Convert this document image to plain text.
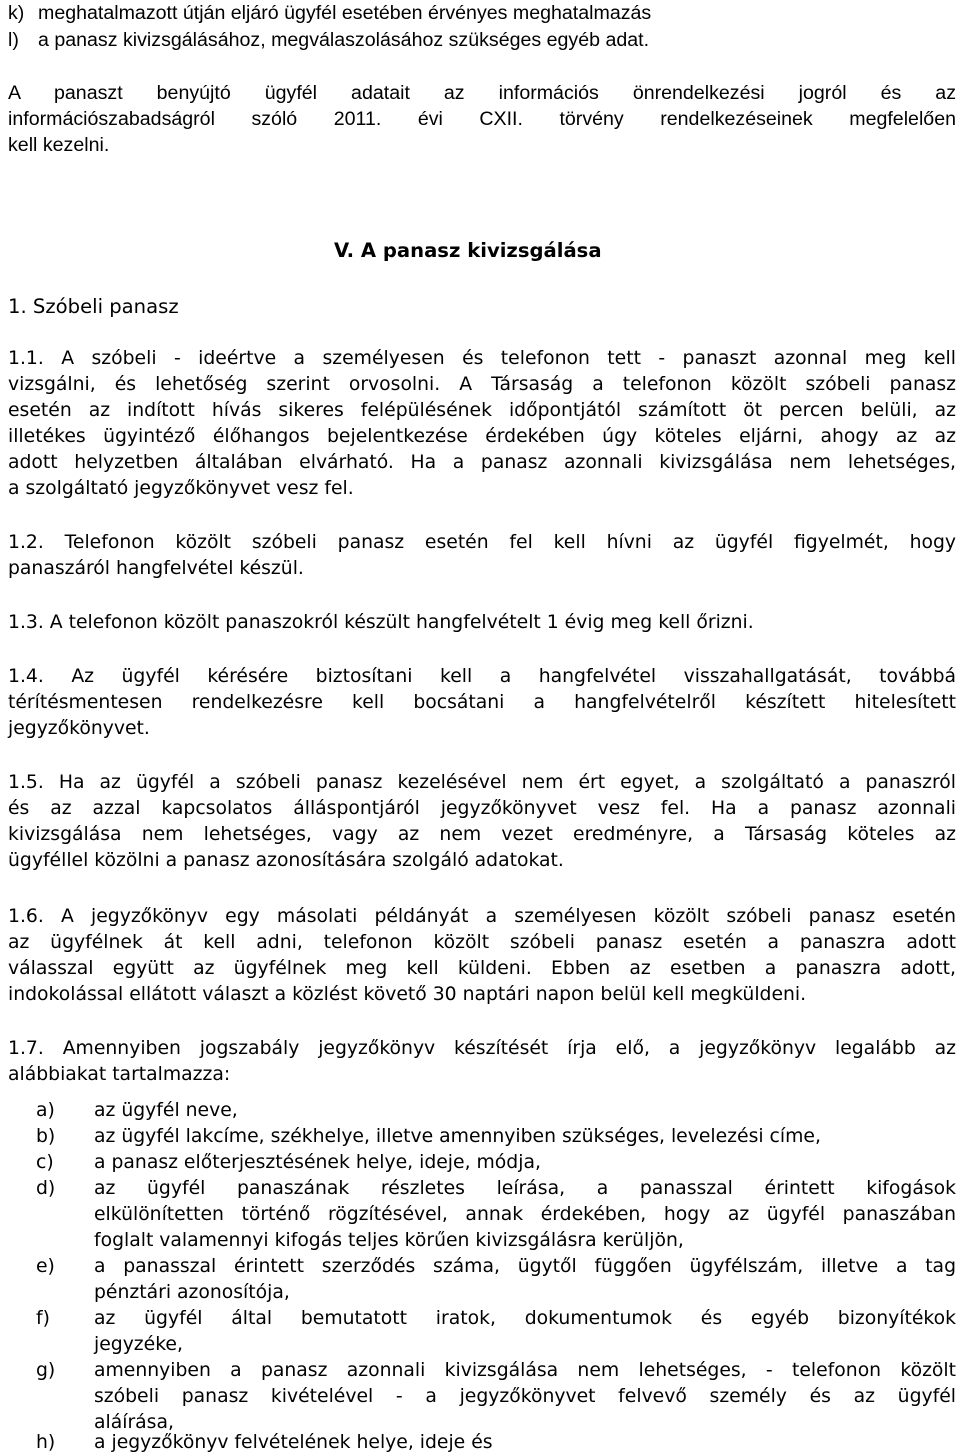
k) meghatalmazott útján eljáró ügyfél esetében érvényes meghatalmazás
l) a panasz kivizsgálásához, megválaszolásához szükséges egyéb adat.
A panaszt benyújtó ügyfél adatait az információs önrendelkezési jogról és az
információszabadságról szóló 2011. évi CXII. törvény rendelkezéseinek megfelelően
kell kezelni.
V. A panasz kivizsgálása
1. Szóbeli panasz
1.1. A szóbeli - ideértve a személyesen és telefonon tett - panaszt azonnal meg kell
vizsgálni, és lehetőség szerint orvosolni. A Társaság a telefonon közölt szóbeli panasz
esetén az indított hívás sikeres felépülésének időpontjától számított öt percen belüli, az
illetékes ügyintéző élőhangos bejelentkezése érdekében úgy köteles eljárni, ahogy az az
adott helyzetben általában elvárható. Ha a panasz azonnali kivizsgálása nem lehetséges,
a szolgáltató jegyzőkönyvet vesz fel.
1.2. Telefonon közölt szóbeli panasz esetén fel kell hívni az ügyfél figyelmét, hogy
panaszáról hangfelvétel készül.
1.3. A telefonon közölt panaszokról készült hangfelvételt 1 évig meg kell őrizni.
1.4. Az ügyfél kérésére biztosítani kell a hangfelvétel visszahallgatását, továbbá
térítésmentesen rendelkezésre kell bocsátani a hangfelvételről készített hitelesített
jegyzőkönyvet.
1.5. Ha az ügyfél a szóbeli panasz kezelésével nem ért egyet, a szolgáltató a panaszról
és az azzal kapcsolatos álláspontjáról jegyzőkönyvet vesz fel. Ha a panasz azonnali
kivizsgálása nem lehetséges, vagy az nem vezet eredményre, a Társaság köteles az
ügyféllel közölni a panasz azonosítására szolgáló adatokat.
1.6. A jegyzőkönyv egy másolati példányát a személyesen közölt szóbeli panasz esetén
az ügyfélnek át kell adni, telefonon közölt szóbeli panasz esetén a panaszra adott
válasszal együtt az ügyfélnek meg kell küldeni. Ebben az esetben a panaszra adott,
indokolással ellátott választ a közlést követő 30 naptári napon belül kell megküldeni.
1.7. Amennyiben jogszabály jegyzőkönyv készítését írja elő, a jegyzőkönyv legalább az
alábbiakat tartalmazza:
a) az ügyfél neve,
b) az ügyfél lakcíme, székhelye, illetve amennyiben szükséges, levelezési címe,
c) a panasz előterjesztésének helye, ideje, módja,
d)	az ügyfél panaszának részletes leírása, a panasszal érintett kifogások
elkülönítetten történő rögzítésével, annak érdekében, hogy az ügyfél panaszában
foglalt valamennyi kifogás teljes körűen kivizsgálásra kerüljön,
e)	a panasszal érintett szerződés száma, ügytől függően ügyfélszám, illetve a tag
pénztári azonosítója,
f)	az ügyfél által bemutatott iratok, dokumentumok és egyéb bizonyítékok
jegyzéke,
g)	amennyiben a panasz azonnali kivizsgálása nem lehetséges, - telefonon közölt
szóbeli panasz kivételével - a jegyzőkönyvet felvevő személy és az ügyfél
aláírása,
h) a jegyzőkönyv felvételének helye, ideje és
